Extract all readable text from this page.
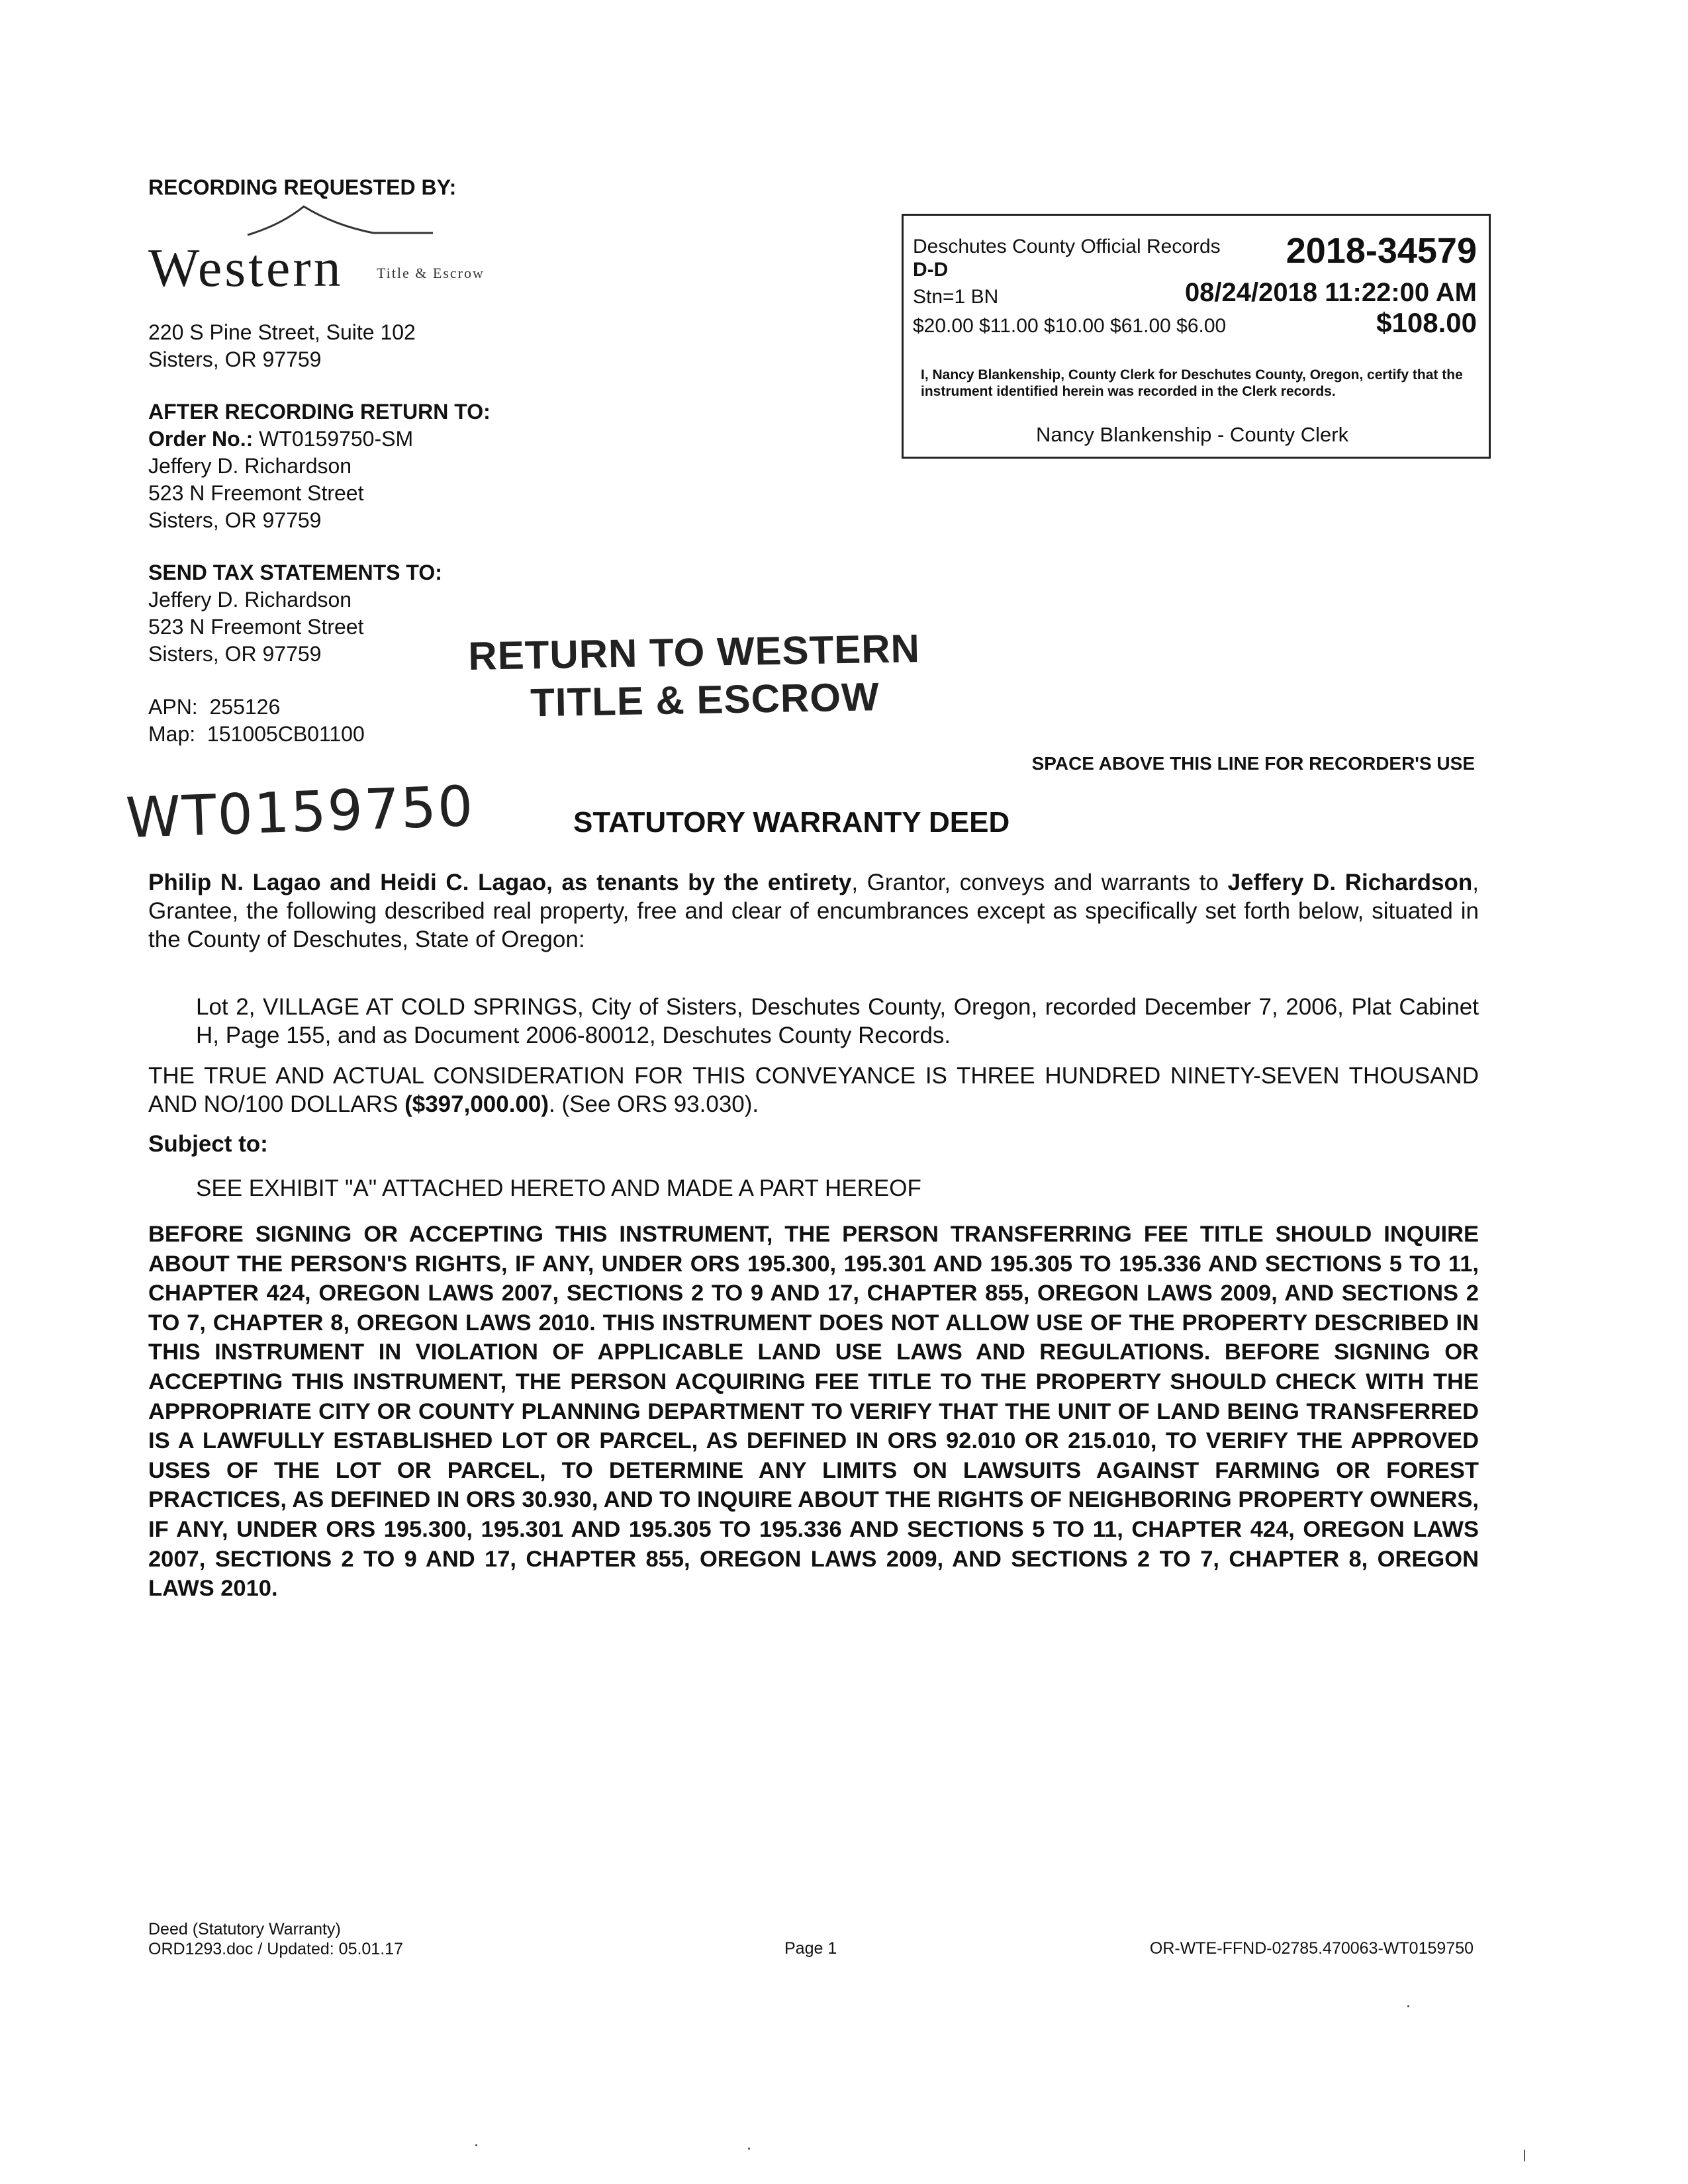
RECORDING REQUESTED BY:
Western Title & Escrow
220 S Pine Street, Suite 102
Sisters, OR 97759
AFTER RECORDING RETURN TO:
Order No.: WT0159750-SM
Jeffery D. Richardson
523 N Freemont Street
Sisters, OR 97759
SEND TAX STATEMENTS TO:
Jeffery D. Richardson
523 N Freemont Street
Sisters, OR 97759
APN: 255126
Map: 151005CB01100
Deschutes County Official Records 2018-34579
D-D
Stn=1 BN	08/24/2018 11:22:00 AM
$20.00 $11.00 $10.00 $61.00 $6.00	$108.00
I, Nancy Blankenship, County Clerk for Deschutes County, Oregon, certify that the instrument identified herein was recorded in the Clerk records.
Nancy Blankenship - County Clerk
RETURN TO WESTERN
TITLE & ESCROW
SPACE ABOVE THIS LINE FOR RECORDER'S USE
WT0159750	STATUTORY WARRANTY DEED
Philip N. Lagao and Heidi C. Lagao, as tenants by the entirety, Grantor, conveys and warrants to Jeffery D. Richardson, Grantee, the following described real property, free and clear of encumbrances except as specifically set forth below, situated in the County of Deschutes, State of Oregon:
Lot 2, VILLAGE AT COLD SPRINGS, City of Sisters, Deschutes County, Oregon, recorded December 7, 2006, Plat Cabinet H, Page 155, and as Document 2006-80012, Deschutes County Records.
THE TRUE AND ACTUAL CONSIDERATION FOR THIS CONVEYANCE IS THREE HUNDRED NINETY-SEVEN THOUSAND AND NO/100 DOLLARS ($397,000.00). (See ORS 93.030).
Subject to:
SEE EXHIBIT "A" ATTACHED HERETO AND MADE A PART HEREOF
BEFORE SIGNING OR ACCEPTING THIS INSTRUMENT, THE PERSON TRANSFERRING FEE TITLE SHOULD INQUIRE ABOUT THE PERSON'S RIGHTS, IF ANY, UNDER ORS 195.300, 195.301 AND 195.305 TO 195.336 AND SECTIONS 5 TO 11, CHAPTER 424, OREGON LAWS 2007, SECTIONS 2 TO 9 AND 17, CHAPTER 855, OREGON LAWS 2009, AND SECTIONS 2 TO 7, CHAPTER 8, OREGON LAWS 2010. THIS INSTRUMENT DOES NOT ALLOW USE OF THE PROPERTY DESCRIBED IN THIS INSTRUMENT IN VIOLATION OF APPLICABLE LAND USE LAWS AND REGULATIONS. BEFORE SIGNING OR ACCEPTING THIS INSTRUMENT, THE PERSON ACQUIRING FEE TITLE TO THE PROPERTY SHOULD CHECK WITH THE APPROPRIATE CITY OR COUNTY PLANNING DEPARTMENT TO VERIFY THAT THE UNIT OF LAND BEING TRANSFERRED IS A LAWFULLY ESTABLISHED LOT OR PARCEL, AS DEFINED IN ORS 92.010 OR 215.010, TO VERIFY THE APPROVED USES OF THE LOT OR PARCEL, TO DETERMINE ANY LIMITS ON LAWSUITS AGAINST FARMING OR FOREST PRACTICES, AS DEFINED IN ORS 30.930, AND TO INQUIRE ABOUT THE RIGHTS OF NEIGHBORING PROPERTY OWNERS, IF ANY, UNDER ORS 195.300, 195.301 AND 195.305 TO 195.336 AND SECTIONS 5 TO 11, CHAPTER 424, OREGON LAWS 2007, SECTIONS 2 TO 9 AND 17, CHAPTER 855, OREGON LAWS 2009, AND SECTIONS 2 TO 7, CHAPTER 8, OREGON LAWS 2010.
Deed (Statutory Warranty)
ORD1293.doc / Updated: 05.01.17	Page 1	OR-WTE-FFND-02785.470063-WT0159750
